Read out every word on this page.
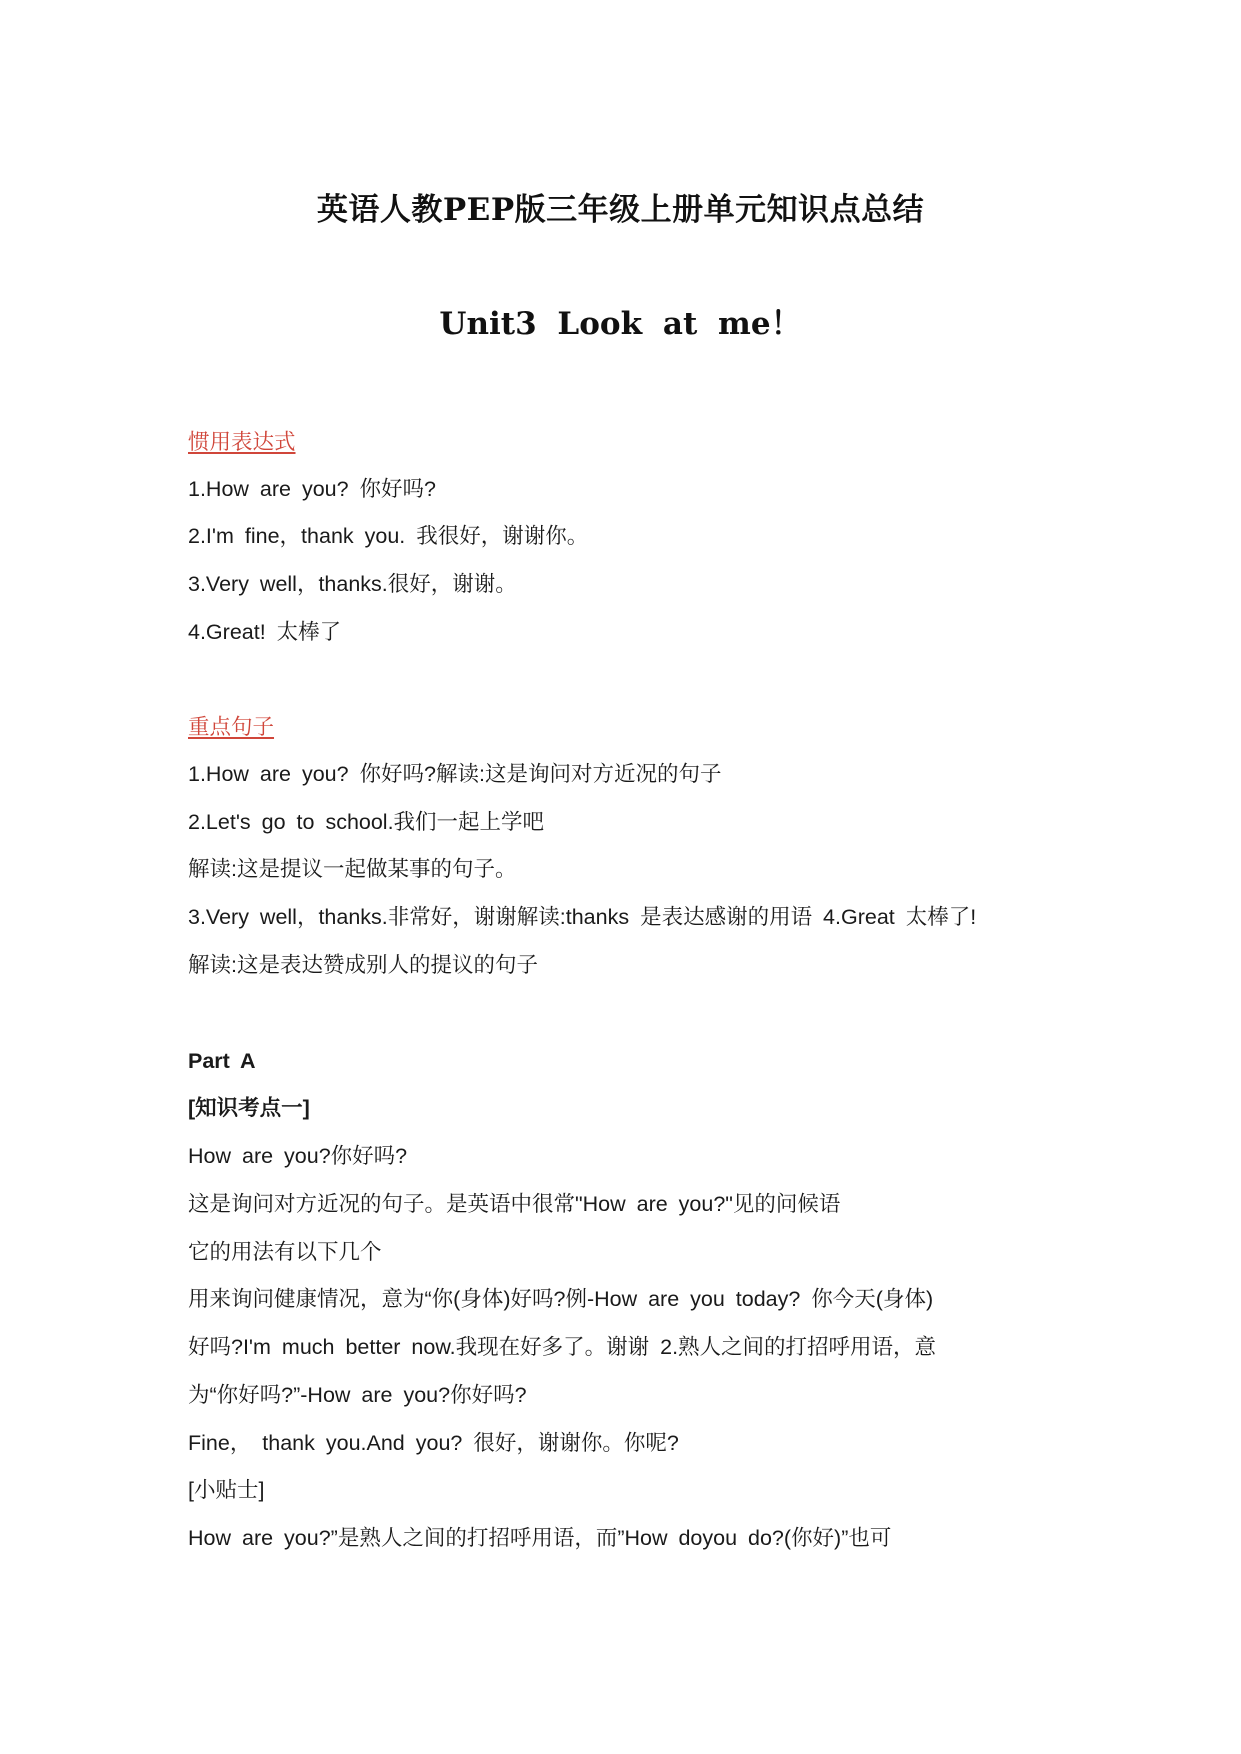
英语人教PEP版三年级上册单元知识点总结
Unit3 Look at me！

惯用表达式

1.How are you? 你好吗?

2.I'm fine，thank you. 我很好，谢谢你。

3.Very well，thanks.很好，谢谢。

4.Great! 太棒了

重点句子

1.How are you? 你好吗?解读:这是询问对方近况的句子

2.Let's go to school.我们一起上学吧

解读:这是提议一起做某事的句子。

3.Very well，thanks.非常好，谢谢解读:thanks 是表达感谢的用语 4.Great 太棒了!

解读:这是表达赞成别人的提议的句子

Part A

[知识考点一]

How are you?你好吗?

这是询问对方近况的句子。是英语中很常"How are you?"见的问候语

它的用法有以下几个

用来询问健康情况，意为“你(身体)好吗?例-How are you today? 你今天(身体)

好吗?I'm much better now.我现在好多了。谢谢 2.熟人之间的打招呼用语，意

为“你好吗?”-How are you?你好吗?

Fine， thank you.And you? 很好，谢谢你。你呢?

[小贴士]

How are you?”是熟人之间的打招呼用语，而”How doyou do?(你好)”也可
